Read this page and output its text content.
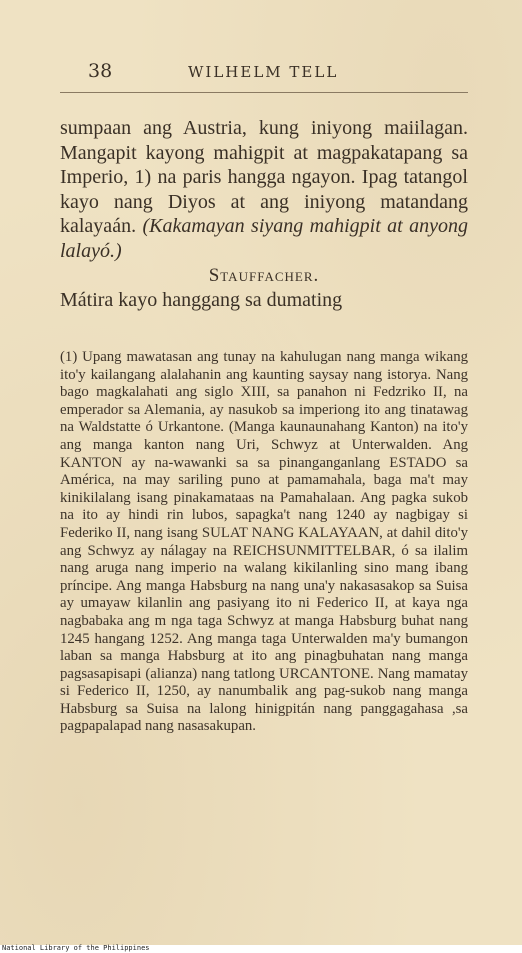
38	WILHELM TELL

sumpaan ang Austria, kung iniyong maiilagan. Mangapit kayong mahigpit at magpakatapang sa Imperio, 1) na paris hangga ngayon. Ipag tatangol kayo nang Diyos at ang iniyong matandang kalayaán. (Kakamayan siyang mahigpit at anyong lalayó.)

Stauffacher.

Mátira kayo hanggang sa dumating

(1) Upang mawatasan ang tunay na kahulugan nang manga wikang ito'y kailangang alalahanin ang kaunting saysay nang istorya. Nang bago magkalahati ang siglo XIII, sa panahon ni Fedzriko II, na emperador sa Alemania, ay nasukob sa imperiong ito ang tinatawag na Waldstatte ó Urkantone. (Manga kaunaunahang Kanton) na ito'y ang manga kanton nang Uri, Schwyz at Unterwalden. Ang KANTON ay na-wawanki sa sa pinanganganlang ESTADO sa América, na may sariling puno at pamamahala, baga ma't may kinikilalang isang pinakamataas na Pamahalaan. Ang pagka sukob na ito ay hindi rin lubos, sapagka't nang 1240 ay nagbigay si Federiko II, nang isang SULAT NANG KALAYAAN, at dahil dito'y ang Schwyz ay nálagay na REICHSUNMITTELBAR, ó sa ilalim nang aruga nang imperio na walang kikilanling sino mang ibang príncipe. Ang manga Habsburg na nang una'y nakasasakop sa Suisa ay umayaw kilanlin ang pasiyang ito ni Federico II, at kaya nga nagbabaka ang m nga taga Schwyz at manga Habsburg buhat nang 1245 hangang 1252. Ang manga taga Unterwalden ma'y bumangon laban sa manga Habsburg at ito ang pinagbuhatan nang manga pagsasapisapi (alianza) nang tatlong URCANTONE. Nang mamatay si Federico II, 1250, ay nanumbalik ang pag-sukob nang manga Habsburg sa Suisa na lalong hinigpitán nang panggagahasa ,sa pagpapalapad nang nasasakupan.

National Library of the Philippines
